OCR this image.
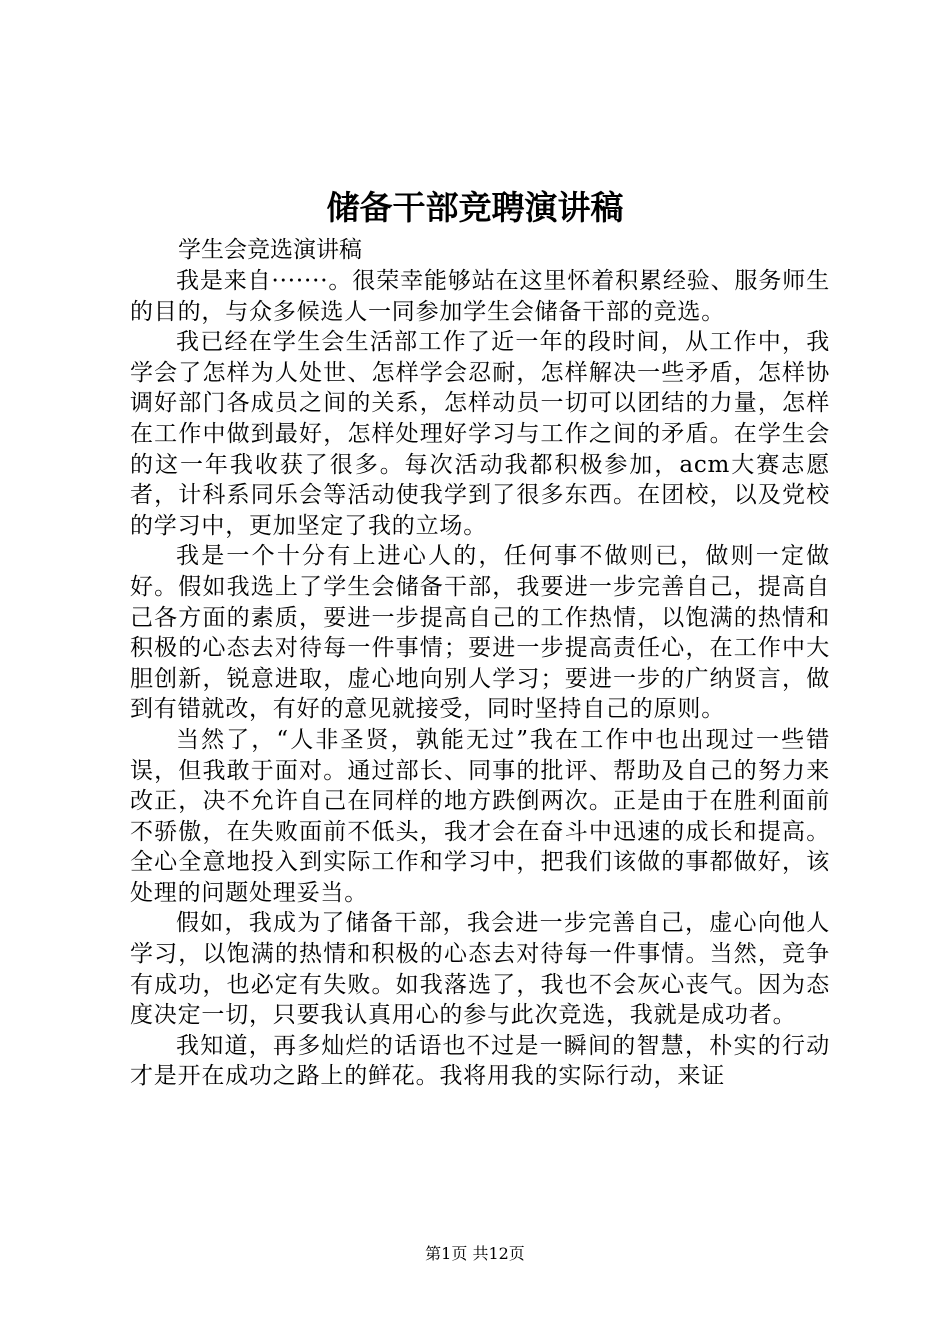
储备干部竞聘演讲稿

学生会竞选演讲稿

我是来自·······。很荣幸能够站在这里怀着积累经验、服务师生的目的，与众多候选人一同参加学生会储备干部的竞选。

我已经在学生会生活部工作了近一年的段时间，从工作中，我学会了怎样为人处世、怎样学会忍耐，怎样解决一些矛盾，怎样协调好部门各成员之间的关系，怎样动员一切可以团结的力量，怎样在工作中做到最好，怎样处理好学习与工作之间的矛盾。在学生会的这一年我收获了很多。每次活动我都积极参加，acm大赛志愿者，计科系同乐会等活动使我学到了很多东西。在团校，以及党校的学习中，更加坚定了我的立场。

我是一个十分有上进心人的，任何事不做则已，做则一定做好。假如我选上了学生会储备干部，我要进一步完善自己，提高自己各方面的素质，要进一步提高自己的工作热情，以饱满的热情和积极的心态去对待每一件事情；要进一步提高责任心，在工作中大胆创新，锐意进取，虚心地向别人学习；要进一步的广纳贤言，做到有错就改，有好的意见就接受，同时坚持自己的原则。

当然了，“人非圣贤，孰能无过”我在工作中也出现过一些错误，但我敢于面对。通过部长、同事的批评、帮助及自己的努力来改正，决不允许自己在同样的地方跌倒两次。正是由于在胜利面前不骄傲，在失败面前不低头，我才会在奋斗中迅速的成长和提高。全心全意地投入到实际工作和学习中，把我们该做的事都做好，该处理的问题处理妥当。

假如，我成为了储备干部，我会进一步完善自己，虚心向他人学习，以饱满的热情和积极的心态去对待每一件事情。当然，竞争有成功，也必定有失败。如我落选了，我也不会灰心丧气。因为态度决定一切，只要我认真用心的参与此次竞选，我就是成功者。

我知道，再多灿烂的话语也不过是一瞬间的智慧，朴实的行动才是开在成功之路上的鲜花。我将用我的实际行动，来证

第1页 共12页
